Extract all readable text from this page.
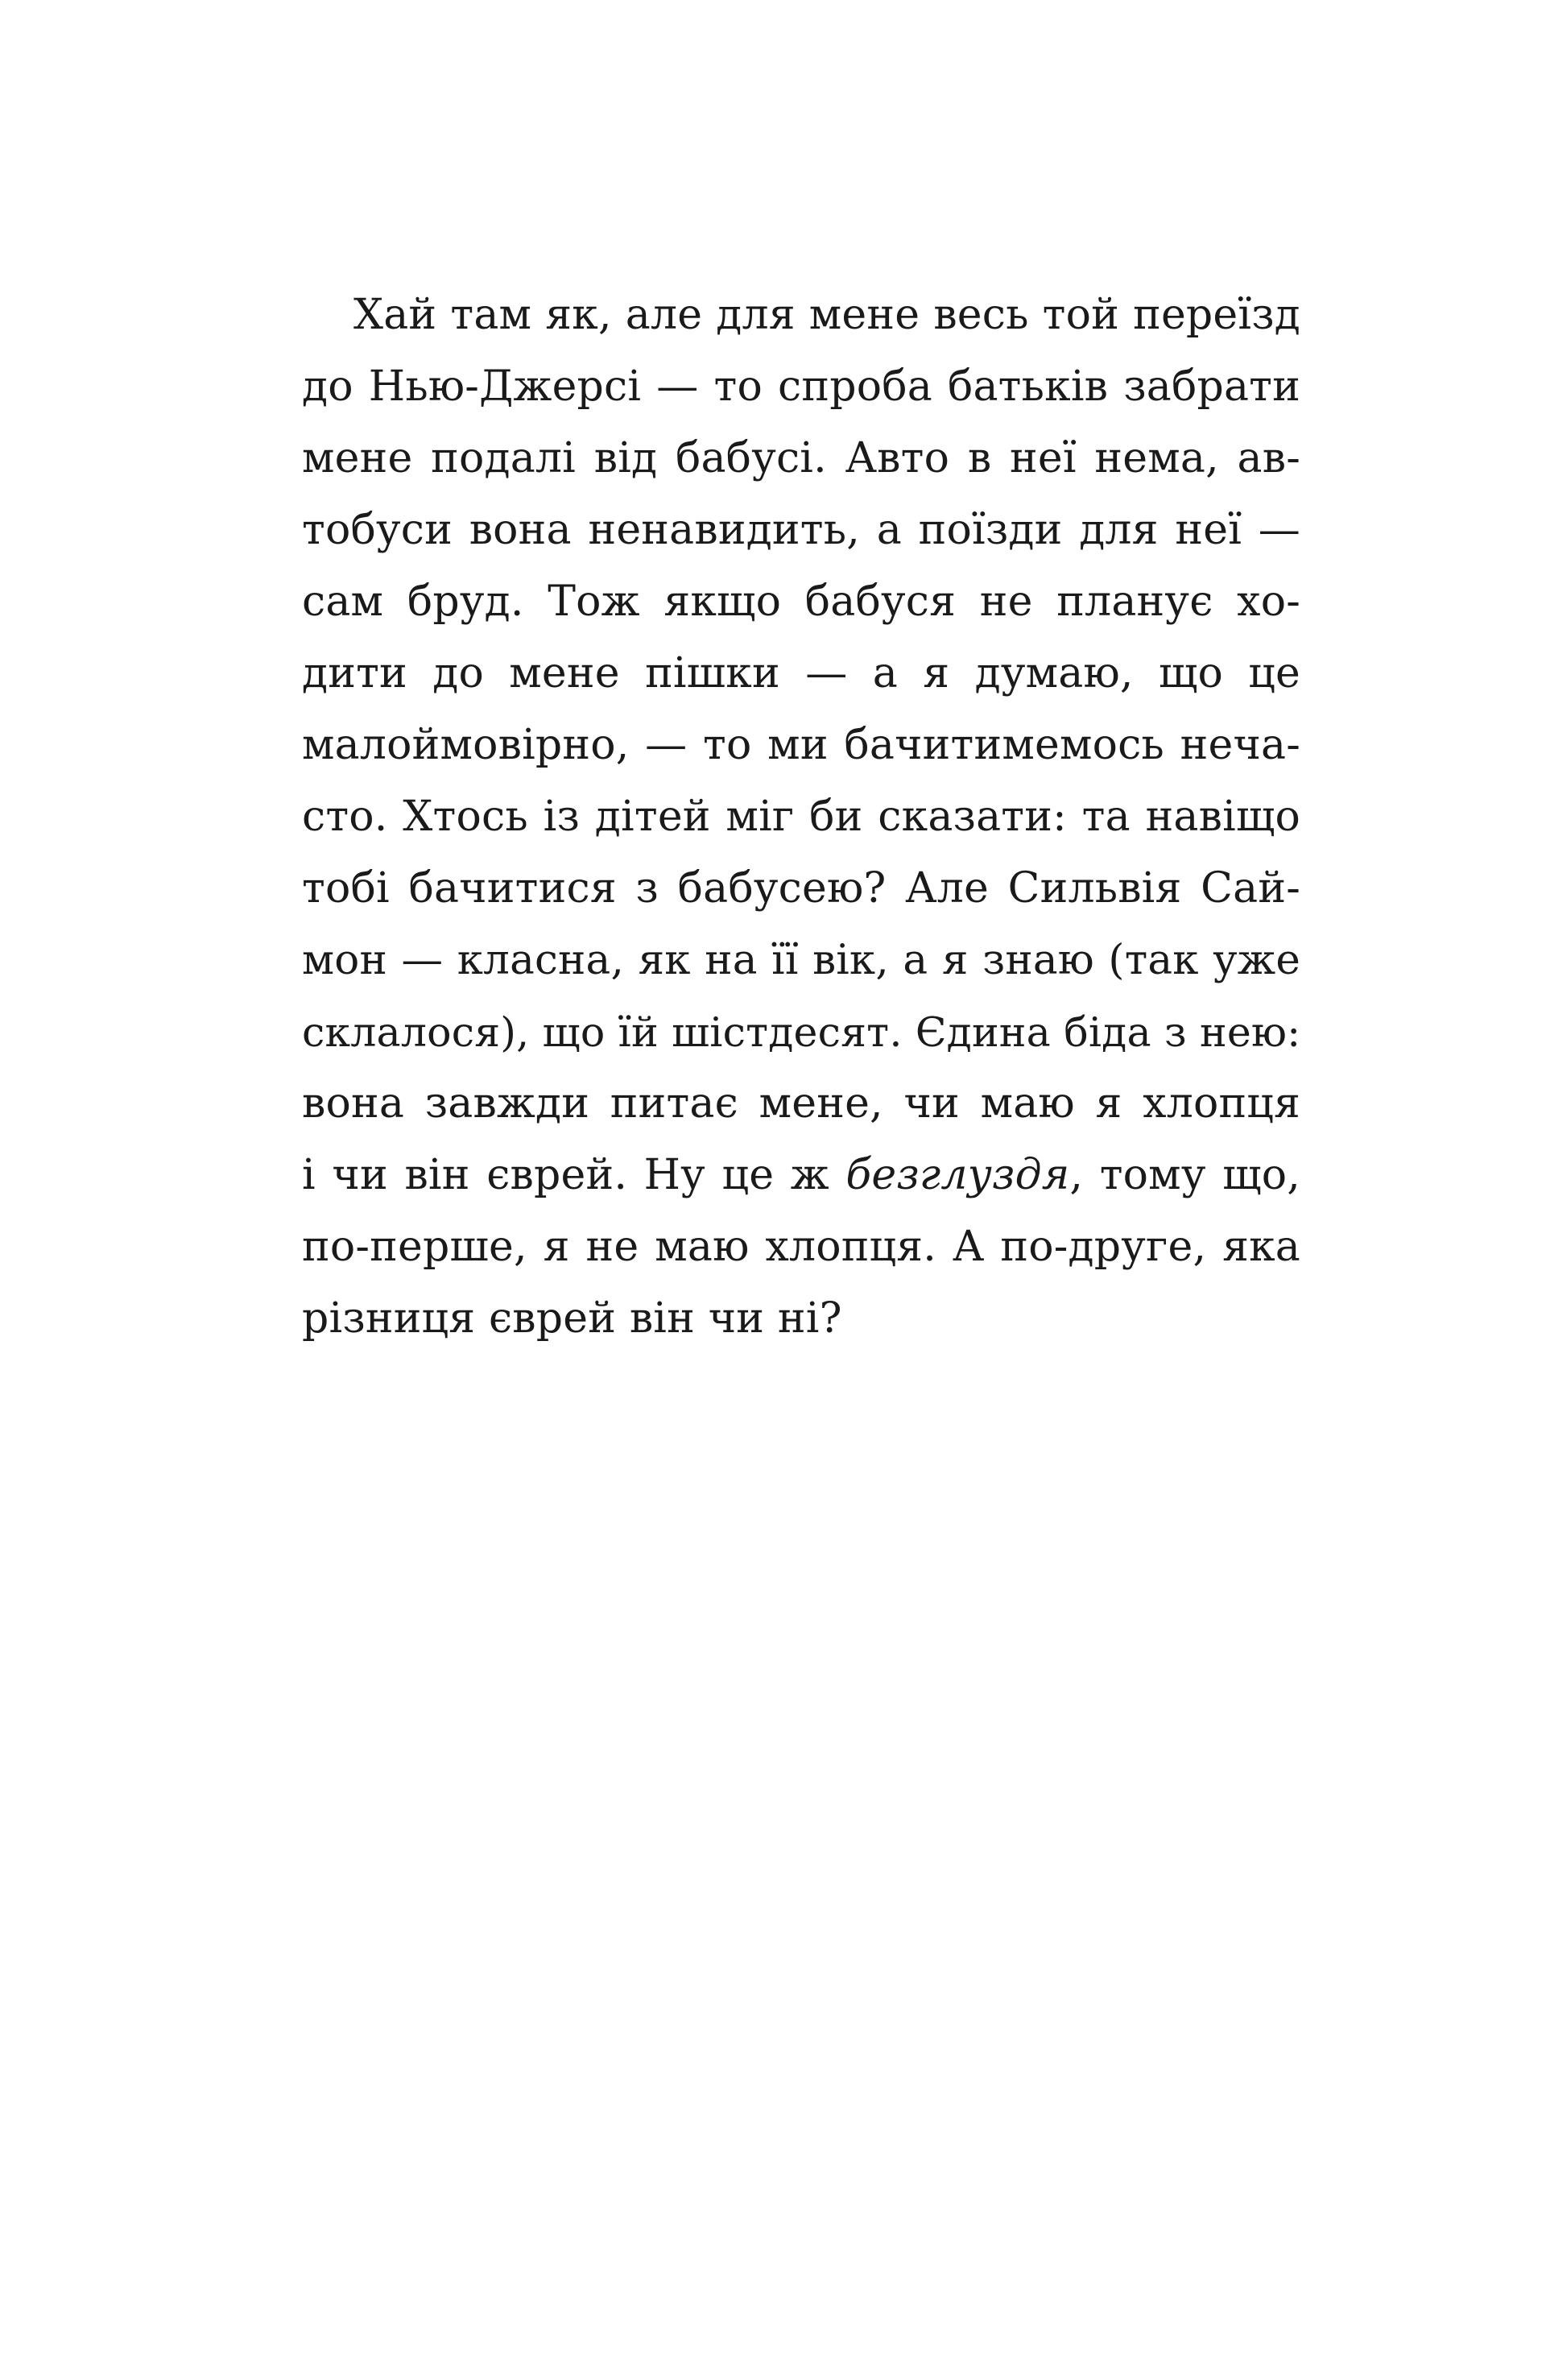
Хай там як, але для мене весь той переїзд
до Нью-Джерсі — то спроба батьків забрати
мене подалі від бабусі. Авто в неї нема, ав-
тобуси вона ненавидить, а поїзди для неї —
сам бруд. Тож якщо бабуся не планує хо-
дити до мене пішки — а я думаю, що це
малоймовірно, — то ми бачитимемось неча-
сто. Хтось із дітей міг би сказати: та навіщо
тобі бачитися з бабусею? Але Сильвія Сай-
мон — класна, як на її вік, а я знаю (так уже
склалося), що їй шістдесят. Єдина біда з нею:
вона завжди питає мене, чи маю я хлопця
і чи він єврей. Ну це ж безглуздя, тому що,
по-перше, я не маю хлопця. А по-друге, яка
різниця єврей він чи ні?
